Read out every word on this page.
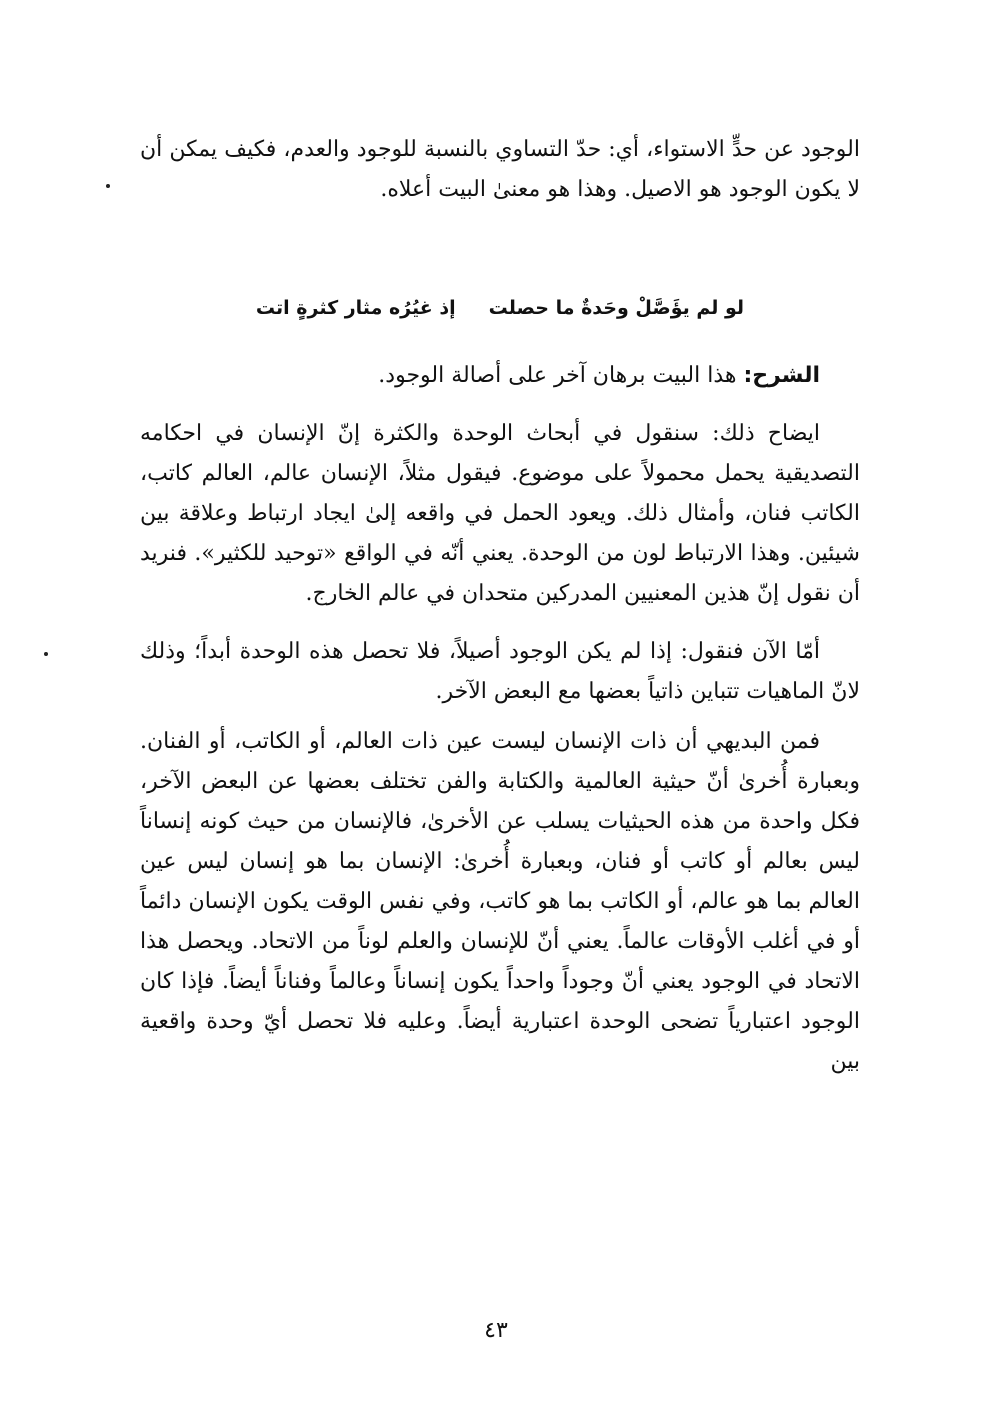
الوجود عن حدٍّ الاستواء، أي: حدّ التساوي بالنسبة للوجود والعدم، فكيف يمكن أن لا يكون الوجود هو الاصيل. وهذا هو معنىٰ البيت أعلاه.

لو لم يؤَصَّلْ وحَدةٌ ما حصلت     إذ غيُرُه مثار كثرةٍ اتت

الشرح: هذا البيت برهان آخر على أصالة الوجود.

ايضاح ذلك: سنقول في أبحاث الوحدة والكثرة إنّ الإنسان في احكامه التصديقية يحمل محمولاً على موضوع. فيقول مثلاً، الإنسان عالم، العالم كاتب، الكاتب فنان، وأمثال ذلك. ويعود الحمل في واقعه إلىٰ ايجاد ارتباط وعلاقة بين شيئين. وهذا الارتباط لون من الوحدة. يعني أنّه في الواقع «توحيد للكثير». فنريد أن نقول إنّ هذين المعنيين المدركين متحدان في عالم الخارج.

أمّا الآن فنقول: إذا لم يكن الوجود أصيلاً، فلا تحصل هذه الوحدة أبداً؛ وذلك لانّ الماهيات تتباين ذاتياً بعضها مع البعض الآخر.

فمن البديهي أن ذات الإنسان ليست عين ذات العالم، أو الكاتب، أو الفنان. وبعبارة أُخرىٰ أنّ حيثية العالمية والكتابة والفن تختلف بعضها عن البعض الآخر، فكل واحدة من هذه الحيثيات يسلب عن الأخرىٰ، فالإنسان من حيث كونه إنساناً ليس بعالم أو كاتب أو فنان، وبعبارة أُخرىٰ: الإنسان بما هو إنسان ليس عين العالم بما هو عالم، أو الكاتب بما هو كاتب، وفي نفس الوقت يكون الإنسان دائماً أو في أغلب الأوقات عالماً. يعني أنّ للإنسان والعلم لوناً من الاتحاد. ويحصل هذا الاتحاد في الوجود يعني أنّ وجوداً واحداً يكون إنساناً وعالماً وفناناً أيضاً. فإذا كان الوجود اعتبارياً تضحى الوحدة اعتبارية أيضاً. وعليه فلا تحصل أيّ وحدة واقعية بين

٤٣
